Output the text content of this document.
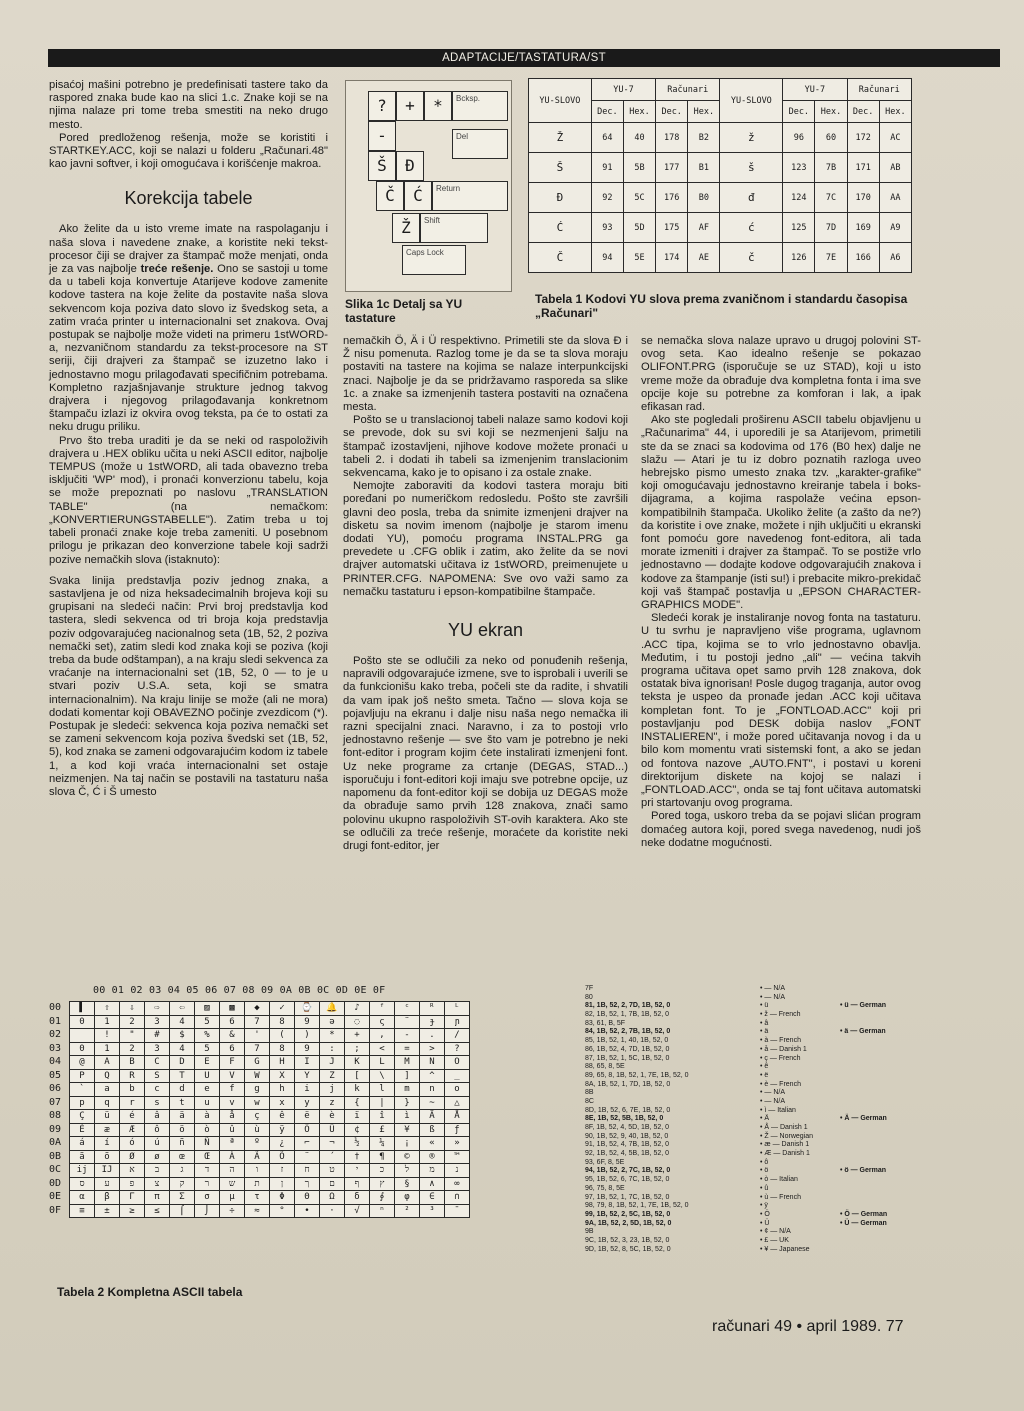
ADAPTACIJE/TASTATURA/ST

pisaćoj mašini potrebno je predefinisati tastere tako da raspored znaka bude kao na slici 1.c. Znake koji se na njima nalaze pri tome treba smestiti na neko drugo mesto.

Pored predloženog rešenja, može se koristiti i STARTKEY.ACC, koji se nalazi u folderu „Računari.48" kao javni softver, i koji omogućava i korišćenje makroa.

Korekcija tabele

Ako želite da u isto vreme imate na raspolaganju i naša slova i navedene znake, a koristite neki tekst-procesor čiji se drajver za štampač može menjati, onda je za vas najbolje treće rešenje. Ono se sastoji u tome da u tabeli koja konvertuje Atarijeve kodove zamenite kodove tastera na koje želite da postavite naša slova sekvencom koja poziva dato slovo iz švedskog seta, a zatim vraća printer u internacionalni set znakova. Ovaj postupak se najbolje može videti na primeru 1stWORD-a, nezvaničnom standardu za tekst-procesore na ST seriji, čiji drajveri za štampač se izuzetno lako i jednostavno mogu prilagođavati specifičnim potrebama. Kompletno razjašnjavanje strukture jednog takvog drajvera i njegovog prilagođavanja konkretnom štampaču izlazi iz okvira ovog teksta, pa će to ostati za neku drugu priliku.

Prvo što treba uraditi je da se neki od raspoloživih drajvera u .HEX obliku učita u neki ASCII editor, najbolje TEMPUS (može u 1stWORD, ali tada obavezno treba isključiti 'WP' mod), i pronaći konverzionu tabelu, koja se može prepoznati po naslovu „TRANSLATION TABLE" (na nemačkom: „KONVERTIERUNGSTABELLE"). Zatim treba u toj tabeli pronaći znake koje treba zameniti. U posebnom prilogu je prikazan deo konverzione tabele koji sadrži pozive nemačkih slova (istaknuto):

Svaka linija predstavlja poziv jednog znaka, a sastavljena je od niza heksadecimalnih brojeva koji su grupisani na sledeći način: Prvi broj predstavlja kod tastera, sledi sekvenca od tri broja koja predstavlja poziv odgovarajućeg nacionalnog seta (1B, 52, 2 poziva nemački set), zatim sledi kod znaka koji se poziva (koji treba da bude odštampan), a na kraju sledi sekvenca za vraćanje na internacionalni set (1B, 52, 0 — to je u stvari poziv U.S.A. seta, koji se smatra internacionalnim). Na kraju linije se može (ali ne mora) dodati komentar koji OBAVEZNO počinje zvezdicom (*). Postupak je sledeći: sekvenca koja poziva nemački set se zameni sekvencom koja poziva švedski set (1B, 52, 5), kod znaka se zameni odgovarajućim kodom iz tabele 1, a kod koji vraća internacionalni set ostaje neizmenjen. Na taj način se postavili na tastaturu naša slova Č, Ć i Š umesto

?	+	*	Bcksp.
-
Š	Đ
Del
Č	Ć	Return
Ž	Shift
Caps Lock
Slika 1c Detalj sa YU tastature
YU-SLOVO	YU-7		Računari		YU-SLOVO	YU-7		Računari	
	Dec.	Hex.	Dec.	Hex.		Dec.	Hex.	Dec.	Hex.
Ž	64	40	178	B2	ž	96	60	172	AC
Š	91	5B	177	B1	š	123	7B	171	AB
Đ	92	5C	176	B0	đ	124	7C	170	AA
Ć	93	5D	175	AF	ć	125	7D	169	A9
Č	94	5E	174	AE	č	126	7E	166	A6
Tabela 1 Kodovi YU slova prema zvaničnom i standardu časopisa „Računari"

nemačkih Ö, Ä i Ü respektivno. Primetili ste da slova Đ i Ž nisu pomenuta. Razlog tome je da se ta slova moraju postaviti na tastere na kojima se nalaze interpunkcijski znaci. Najbolje je da se pridržavamo rasporeda sa slike 1c. a znake sa izmenjenih tastera postaviti na označena mesta.

Pošto se u translacionoj tabeli nalaze samo kodovi koji se prevode, dok su svi koji se nezmenjeni šalju na štampač izostavljeni, njihove kodove možete pronaći u tabeli 2. i dodati ih tabeli sa izmenjenim translacionim sekvencama, kako je to opisano i za ostale znake.

Nemojte zaboraviti da kodovi tastera moraju biti poređani po numeričkom redosledu. Pošto ste završili glavni deo posla, treba da snimite izmenjeni drajver na disketu sa novim imenom (najbolje je starom imenu dodati YU), pomoću programa INSTAL.PRG ga prevedete u .CFG oblik i zatim, ako želite da se novi drajver automatski učitava iz 1stWORD, preimenujete u PRINTER.CFG. NAPOMENA: Sve ovo važi samo za nemačku tastaturu i epson-kompatibilne štampače.

YU ekran

Pošto ste se odlučili za neko od ponuđenih rešenja, napravili odgovarajuće izmene, sve to isprobali i uverili se da funkcionišu kako treba, počeli ste da radite, i shvatili da vam ipak još nešto smeta. Tačno — slova koja se pojavljuju na ekranu i dalje nisu naša nego nemačka ili razni specijalni znaci. Naravno, i za to postoji vrlo jednostavno rešenje — sve što vam je potrebno je neki font-editor i program kojim ćete instalirati izmenjeni font. Uz neke programe za crtanje (DEGAS, STAD...) isporučuju i font-editori koji imaju sve potrebne opcije, uz napomenu da font-editor koji se dobija uz DEGAS može da obrađuje samo prvih 128 znakova, znači samo polovinu ukupno raspoloživih ST-ovih karaktera. Ako ste se odlučili za treće rešenje, moraćete da koristite neki drugi font-editor, jer

se nemačka slova nalaze upravo u drugoj polovini ST-ovog seta. Kao idealno rešenje se pokazao OLIFONT.PRG (isporučuje se uz STAD), koji u isto vreme može da obrađuje dva kompletna fonta i ima sve opcije koje su potrebne za komforan i lak, a ipak efikasan rad.

Ako ste pogledali proširenu ASCII tabelu objavljenu u „Računarima" 44, i uporedili je sa Atarijevom, primetili ste da se znaci sa kodovima od 176 (B0 hex) dalje ne slažu — Atari je tu iz dobro poznatih razloga uveo hebrejsko pismo umesto znaka tzv. „karakter-grafike" koji omogućavaju jednostavno kreiranje tabela i boks-dijagrama, a kojima raspolaže većina epson-kompatibilnih štampača. Ukoliko želite (a zašto da ne?) da koristite i ove znake, možete i njih uključiti u ekranski font pomoću gore navedenog font-editora, ali tada morate izmeniti i drajver za štampač. To se postiže vrlo jednostavno — dodajte kodove odgovarajućih znakova i kodove za štampanje (isti su!) i prebacite mikro-prekidač koji vaš štampač postavlja u „EPSON CHARACTER-GRAPHICS MODE".

Sledeći korak je instaliranje novog fonta na tastaturu. U tu svrhu je napravljeno više programa, uglavnom .ACC tipa, kojima se to vrlo jednostavno obavlja. Međutim, i tu postoji jedno „ali" — većina takvih programa učitava opet samo prvih 128 znakova, dok ostatak biva ignorisan! Posle dugog traganja, autor ovog teksta je uspeo da pronađe jedan .ACC koji učitava kompletan font. To je „FONTLOAD.ACC" koji pri postavljanju pod DESK dobija naslov „FONT INSTALIEREN", i može pored učitavanja novog i da u bilo kom momentu vrati sistemski font, a ako se jedan od fontova nazove „AUTO.FNT", i postavi u koreni direktorijum diskete na kojoj se nalazi i „FONTLOAD.ACC", onda se taj font učitava automatski pri startovanju ovog programa.

Pored toga, uskoro treba da se pojavi slićan program domaćeg autora koji, pored svega navedenog, nudi još neke dodatne mogućnosti.

00 01 02 03 04 05 06 07 08 09 0A 0B 0C 0D 0E 0F
00	▌	⇧	⇩	⇨	⇦	▨	▩	◆	✓	⌚	🔔	♪	ᶠ	ᶜ	ᴿ	ᴸ
01	0	1	2	3	4	5	6	7	8	9	ə	◌	ς	¨	ɟ	ɲ
02		!	"	#	$	%	&	'	(	)	*	+	,	-	.	/
03	0	1	2	3	4	5	6	7	8	9	:	;	<	=	>	?
04	@	A	B	C	D	E	F	G	H	I	J	K	L	M	N	O
05	P	Q	R	S	T	U	V	W	X	Y	Z	[	\	]	^	_
06	`	a	b	c	d	e	f	g	h	i	j	k	l	m	n	o
07	p	q	r	s	t	u	v	w	x	y	z	{	|	}	~	△
08	Ç	ü	é	â	ä	à	å	ç	ê	ë	è	ï	î	ì	Ä	Å
09	É	æ	Æ	ô	ö	ò	û	ù	ÿ	Ö	Ü	¢	£	¥	ß	ƒ
0A	á	í	ó	ú	ñ	Ñ	ª	º	¿	⌐	¬	½	¼	¡	«	»
0B	ã	õ	Ø	ø	œ	Œ	À	Ã	Õ	¨	´	†	¶	©	®	™
0C	ij	IJ	א	ב	ג	ד	ה	ו	ז	ח	ט	י	כ	ל	מ	נ
0D	ס	ע	פ	צ	ק	ר	ש	ת	ן	ך	ם	ף	ץ	§	∧	∞
0E	α	β	Γ	π	Σ	σ	µ	τ	Φ	Θ	Ω	δ	∮	φ	∈	∩
0F	≡	±	≥	≤	⌠	⌡	÷	≈	°	•	·	√	ⁿ	²	³	¯
Tabela 2 Kompletna ASCII tabela
7F	• — N/A
80	• — N/A
81, 1B, 52, 2, 7D, 1B, 52, 0	• ü	• ü — German
82, 1B, 52, 1, 7B, 1B, 52, 0	• ž — French
83, 61, B, 5F	• â
84, 1B, 52, 2, 7B, 1B, 52, 0	• ä	• ä — German
85, 1B, 52, 1, 40, 1B, 52, 0	• à — French
86, 1B, 52, 4, 7D, 1B, 52, 0	• å — Danish 1
87, 1B, 52, 1, 5C, 1B, 52, 0	• ç — French
88, 65, 8, 5E	• ê
89, 65, 8, 1B, 52, 1, 7E, 1B, 52, 0	• ë
8A, 1B, 52, 1, 7D, 1B, 52, 0	• è — French
8B	• — N/A
8C	• — N/A
8D, 1B, 52, 6, 7E, 1B, 52, 0	• ì — Italian
8E, 1B, 52, 5B, 1B, 52, 0	• Ä	• Ä — German
8F, 1B, 52, 4, 5D, 1B, 52, 0	• Å — Danish 1
90, 1B, 52, 9, 40, 1B, 52, 0	• Ž — Norwegian
91, 1B, 52, 4, 7B, 1B, 52, 0	• æ — Danish 1
92, 1B, 52, 4, 5B, 1B, 52, 0	• Æ — Danish 1
93, 6F, 8, 5E	• ô
94, 1B, 52, 2, 7C, 1B, 52, 0	• ö	• ö — German
95, 1B, 52, 6, 7C, 1B, 52, 0	• ò — Italian
96, 75, 8, 5E	• û
97, 1B, 52, 1, 7C, 1B, 52, 0	• ù — French
98, 79, 8, 1B, 52, 1, 7E, 1B, 52, 0	• ÿ
99, 1B, 52, 2, 5C, 1B, 52, 0	• Ö	• Ö — German
9A, 1B, 52, 2, 5D, 1B, 52, 0	• Ü	• Ü — German
9B	• ¢ — N/A
9C, 1B, 52, 3, 23, 1B, 52, 0	• £ — UK
9D, 1B, 52, 8, 5C, 1B, 52, 0	• ¥ — Japanese
računari 49 • april 1989. 77
